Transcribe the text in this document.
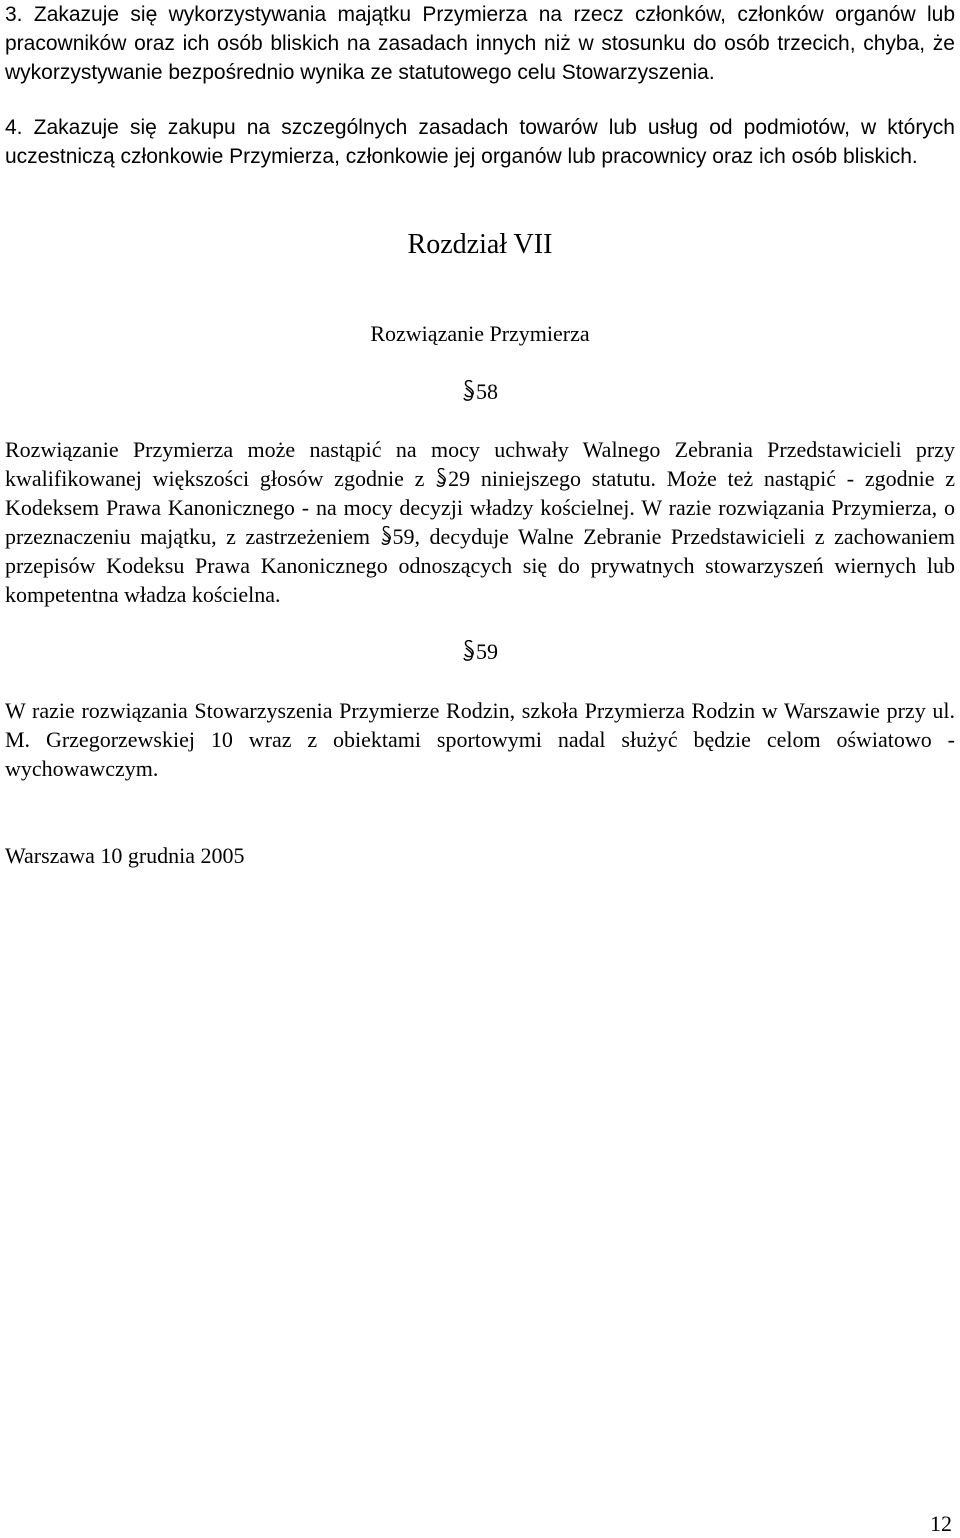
3. Zakazuje się wykorzystywania majątku Przymierza na rzecz członków, członków organów lub pracowników oraz ich osób bliskich na zasadach innych niż w stosunku do osób trzecich, chyba, że wykorzystywanie bezpośrednio wynika ze statutowego celu Stowarzyszenia.

4. Zakazuje się zakupu na szczególnych zasadach towarów lub usług od podmiotów, w których uczestniczą członkowie Przymierza, członkowie jej organów lub pracownicy oraz ich osób bliskich.

Rozdział VII

Rozwiązanie Przymierza

58

Rozwiązanie Przymierza może nastąpić na mocy uchwały Walnego Zebrania Przedstawicieli przy kwalifikowanej większości głosów zgodnie z 29 niniejszego statutu. Może też nastąpić - zgodnie z Kodeksem Prawa Kanonicznego - na mocy decyzji władzy kościelnej. W razie rozwiązania Przymierza, o przeznaczeniu majątku, z zastrzeżeniem 59, decyduje Walne Zebranie Przedstawicieli z zachowaniem przepisów Kodeksu Prawa Kanonicznego odnoszących się do prywatnych stowarzyszeń wiernych lub kompetentna władza kościelna.

59

W razie rozwiązania Stowarzyszenia Przymierze Rodzin, szkoła Przymierza Rodzin w Warszawie przy ul. M. Grzegorzewskiej 10 wraz z obiektami sportowymi nadal służyć będzie celom oświatowo - wychowawczym.

Warszawa 10 grudnia 2005

12
